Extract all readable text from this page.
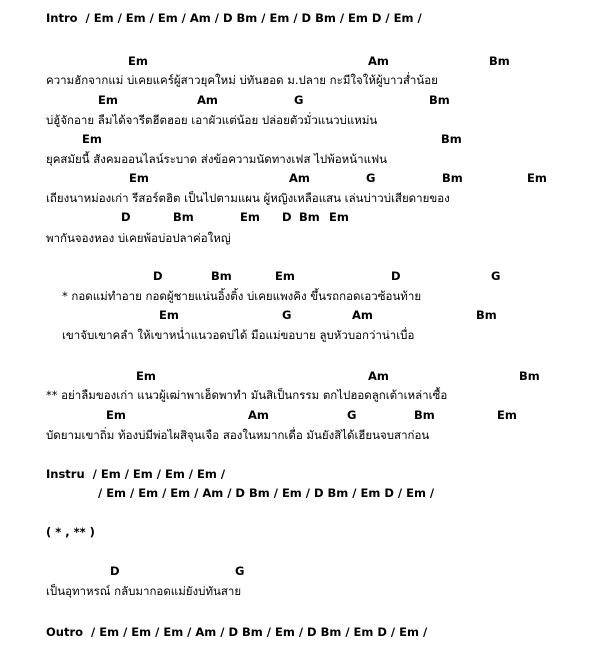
Intro  / Em / Em / Em / Am / D Bm / Em / D Bm / Em D / Em /
Em	Am	Bm
ความฮักจากแม่ บ่เคยแคร์ผู้สาวยุคใหม่ บ่ทันฮอด ม.ปลาย กะมีใจให้ผู้บาวส่ำน้อย
Em	Am	G	Bm
บ่ฮู้จักอาย ลืมได้จารีตฮีตฮอย เอาผัวแต่น้อย ปล่อยตัวมั่วแนวบ่แหม่น
Em	Bm
ยุคสมัยนี้ สังคมออนไลน์ระบาด ส่งข้อความนัดทางเฟส ไปพ้อหน้าแฟน
Em	Am	G	Bm	Em
เถียงนาหม่องเก่า รีสอร์ตฮิต เป็นไปตามแผน ผู้หญิงเหลือแสน เล่นบ่าวบ่เสียดายของ
D	Bm	Em D Bm Em
พากันจองหอง บ่เคยพ้อบ่อปลาค่อใหญ่
D	Bm	Em	D	G
* กอดแม่ทำอาย กอดผู้ชายแน่นอิ้งติ้ง บ่เคยแพงคิง ขึ้นรถกอดเอวซ้อนท้าย
Em	G	Am	Bm
เขาจับเขาคลำ ให้เขาหน่ำแนวอดบ่ได้ มือแม่ขอบาย ลูบหัวบอกว่าน่าเบื่อ
Em	Am	Bm
** อย่าลืมของเก่า แนวผู้เฒ่าพาเฮ็ดพาทำ มันสิเป็นกรรม ตกไปฮอดลูกเต้าเหล่าเซื้อ
Em	Am	G	Bm	Em
บัดยามเขาถิ่ม ท้องบ่มีพ่อไผสิจุนเจือ สองในหมากเดื่อ มันยังสิได้เฮียนจบสาก่อน
Instru  / Em / Em / Em / Em /
/ Em / Em / Em / Am / D Bm / Em / D Bm / Em D / Em /
( * , ** )
D	G
เป็นอุทาหรณ์ กลับมากอดแม่ยังบ่ทันสาย
Outro  / Em / Em / Em / Am / D Bm / Em / D Bm / Em D / Em /
